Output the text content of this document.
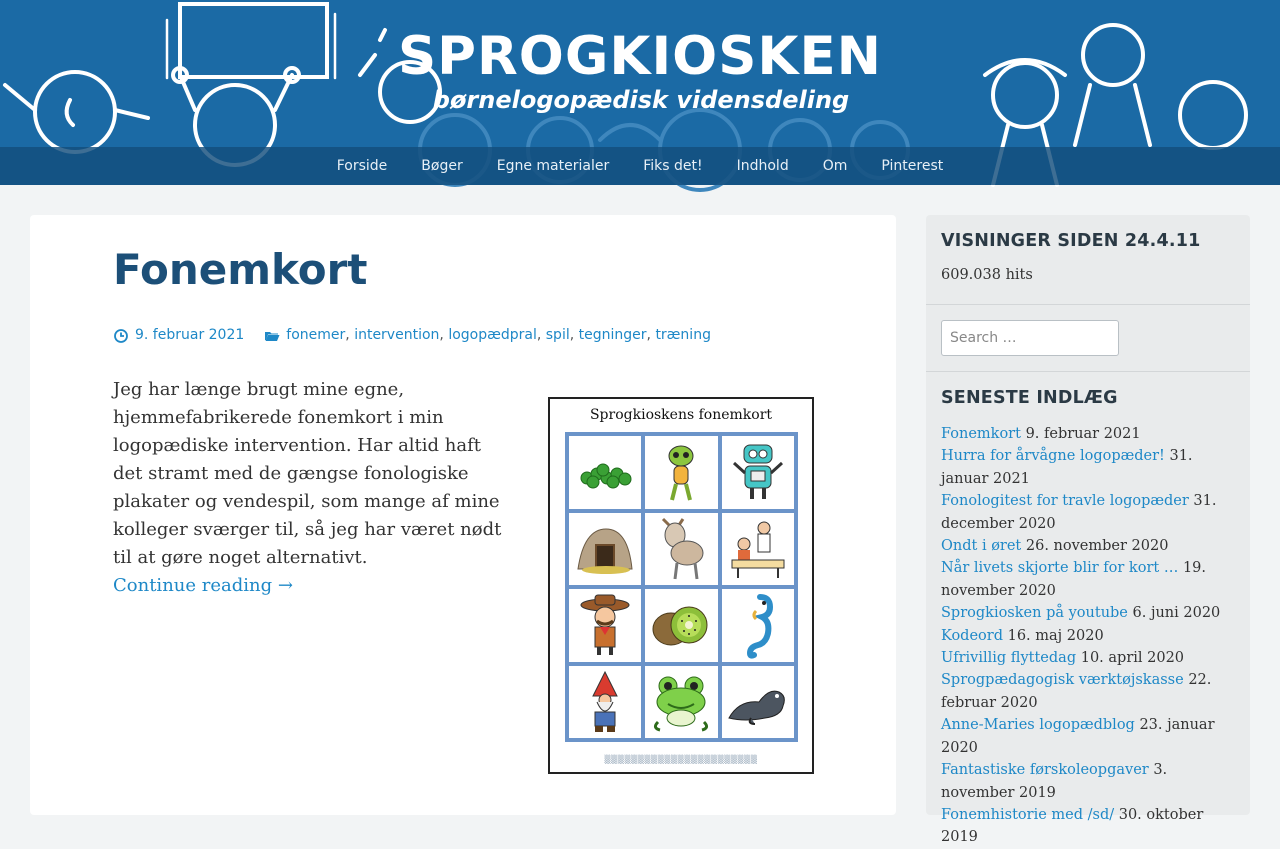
SPROGKIOSKEN
børnelogopædisk vidensdeling
Forside	Bøger	Egne materialer	Fiks det!	Indhold	Om	Pinterest
Fonemkort
9. februar 2021	fonemer , intervention , logopædpral , spil , tegninger , træning

Jeg har længe brugt mine egne, hjemmefabrikerede fonemkort i min logopædiske intervention. Har altid haft det stramt med de gængse fonologiske plakater og vendespil, som mange af mine kolleger sværger til, så jeg har været nødt til at gøre noget alternativt.

Continue reading →
Sprogkioskens fonemkort
▒▒▒▒▒▒▒▒▒▒▒▒▒▒▒▒▒▒▒▒▒▒▒
VISNINGER SIDEN 24.4.11
609.038 hits
Search …
SENESTE INDLÆG
Fonemkort 9. februar 2021
Hurra for årvågne logopæder! 31. januar 2021
Fonologitest for travle logopæder 31. december 2020
Ondt i øret 26. november 2020
Når livets skjorte blir for kort … 19. november 2020
Sprogkiosken på youtube 6. juni 2020
Kodeord 16. maj 2020
Ufrivillig flyttedag 10. april 2020
Sprogpædagogisk værktøjskasse 22. februar 2020
Anne-Maries logopædblog 23. januar 2020
Fantastiske førskoleopgaver 3. november 2019
Fonemhistorie med /sd/ 30. oktober 2019
